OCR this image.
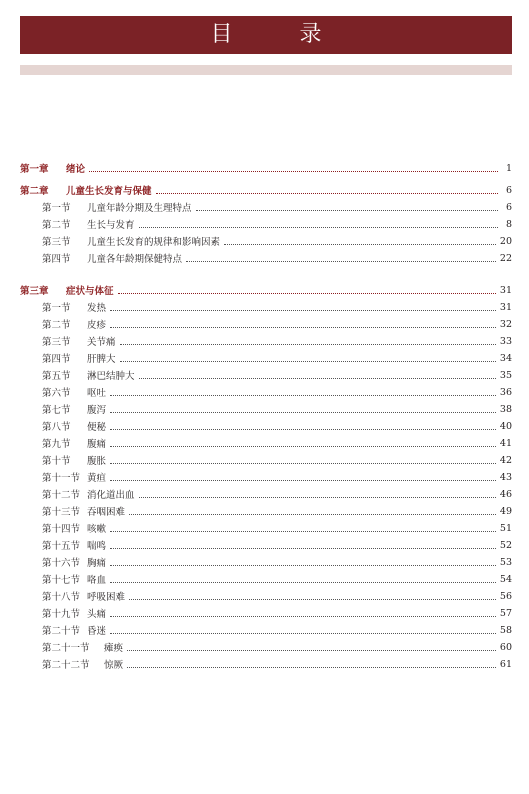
目 录
第一章	绪论	1
第二章	儿童生长发育与保健	6
第一节	儿童年龄分期及生理特点	6
第二节	生长与发育	8
第三节	儿童生长发育的规律和影响因素	20
第四节	儿童各年龄期保健特点	22
第三章	症状与体征	31
第一节	发热	31
第二节	皮疹	32
第三节	关节痛	33
第四节	肝脾大	34
第五节	淋巴结肿大	35
第六节	呕吐	36
第七节	腹泻	38
第八节	便秘	40
第九节	腹痛	41
第十节	腹胀	42
第十一节 黄疸	43
第十二节 消化道出血	46
第十三节 吞咽困难	49
第十四节 咳嗽	51
第十五节 喘鸣	52
第十六节 胸痛	53
第十七节 咯血	54
第十八节 呼吸困难	56
第十九节 头痛	57
第二十节 昏迷	58
第二十一节	瘫痪	60
第二十二节	惊厥	61
